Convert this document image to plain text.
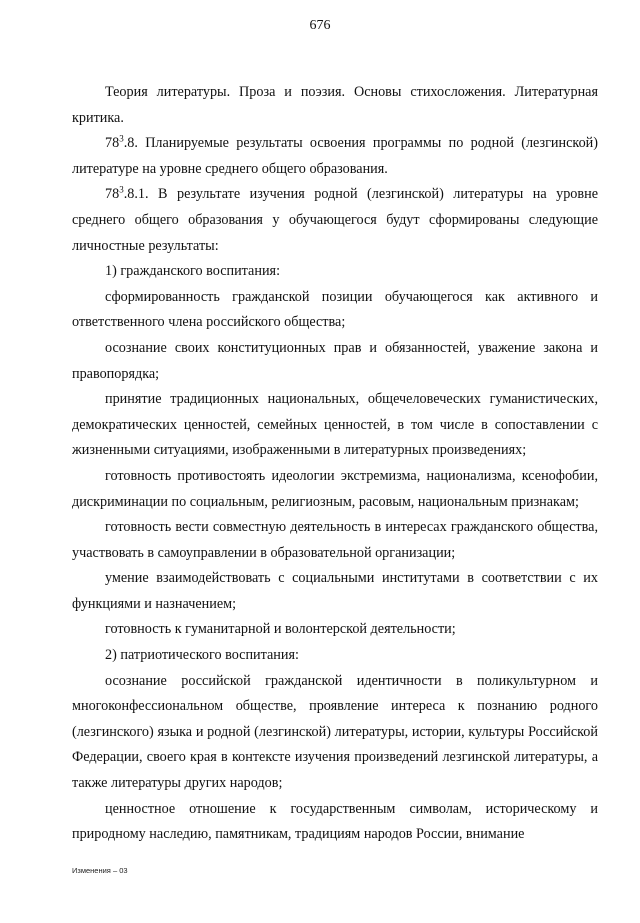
676

Теория литературы. Проза и поэзия. Основы стихосложения. Литературная критика.

$78^3.8$. Планируемые результаты освоения программы по родной (лезгинской) литературе на уровне среднего общего образования.

$78^3.8.1$. В результате изучения родной (лезгинской) литературы на уровне среднего общего образования у обучающегося будут сформированы следующие личностные результаты:

1) гражданского воспитания:

сформированность гражданской позиции обучающегося как активного и ответственного члена российского общества;

осознание своих конституционных прав и обязанностей, уважение закона и правопорядка;

принятие традиционных национальных, общечеловеческих гуманистических, демократических ценностей, семейных ценностей, в том числе в сопоставлении с жизненными ситуациями, изображенными в литературных произведениях;

готовность противостоять идеологии экстремизма, национализма, ксенофобии, дискриминации по социальным, религиозным, расовым, национальным признакам;

готовность вести совместную деятельность в интересах гражданского общества, участвовать в самоуправлении в образовательной организации;

умение взаимодействовать с социальными институтами в соответствии с их функциями и назначением;

готовность к гуманитарной и волонтерской деятельности;

2) патриотического воспитания:

осознание российской гражданской идентичности в поликультурном и многоконфессиональном обществе, проявление интереса к познанию родного (лезгинского) языка и родной (лезгинской) литературы, истории, культуры Российской Федерации, своего края в контексте изучения произведений лезгинской литературы, а также литературы других народов;

ценностное отношение к государственным символам, историческому и природному наследию, памятникам, традициям народов России, внимание

Изменения – 03
